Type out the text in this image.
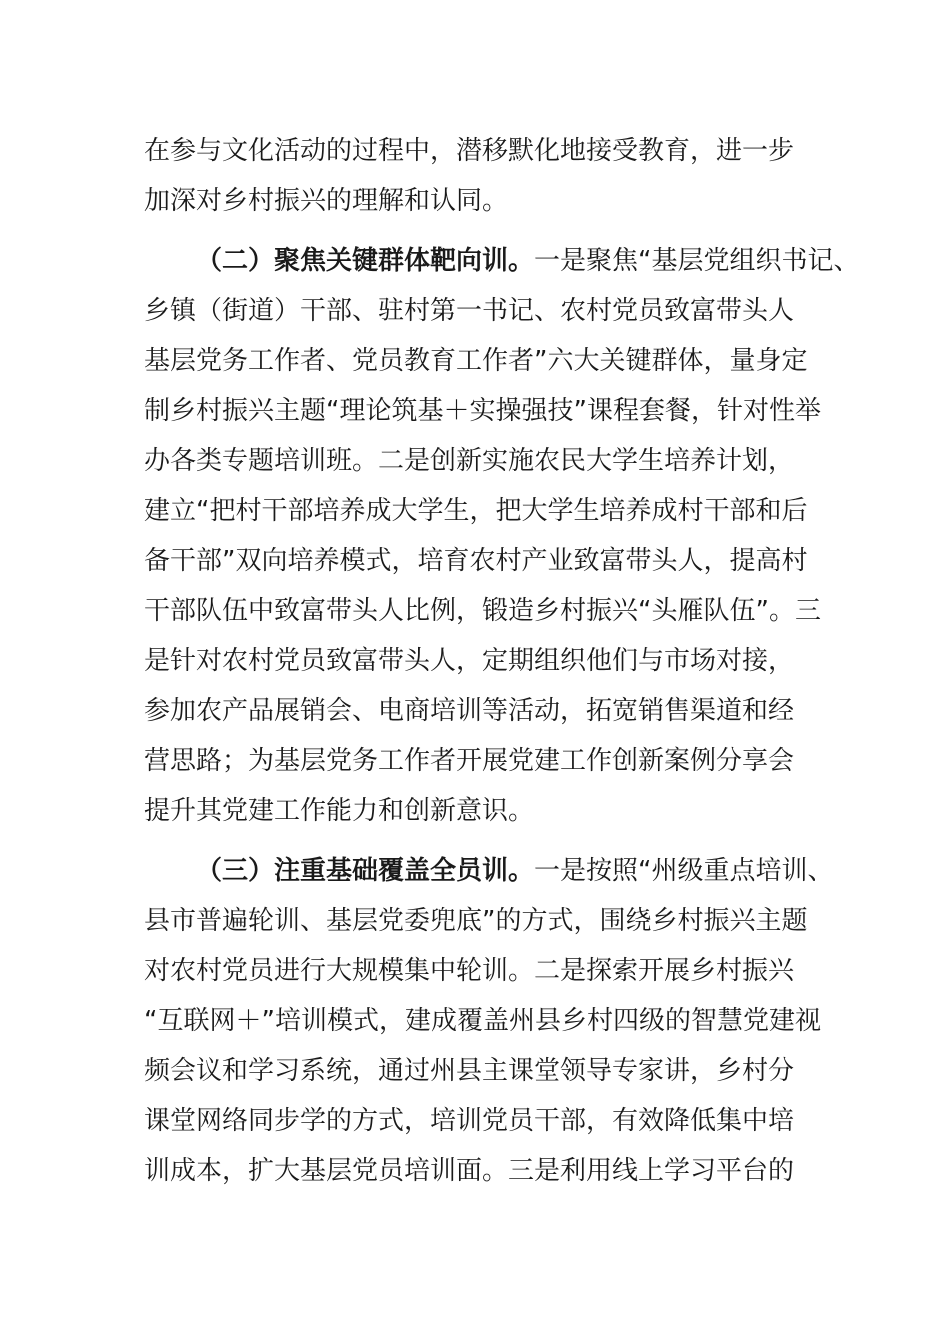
在参与文化活动的过程中，潜移默化地接受教育，进一步
加深对乡村振兴的理解和认同。
（二）聚焦关键群体靶向训。一是聚焦“基层党组织书记、
乡镇（街道）干部、驻村第一书记、农村党员致富带头人
基层党务工作者、党员教育工作者”六大关键群体，量身定
制乡村振兴主题“理论筑基＋实操强技”课程套餐，针对性举
办各类专题培训班。二是创新实施农民大学生培养计划，
建立“把村干部培养成大学生，把大学生培养成村干部和后
备干部”双向培养模式，培育农村产业致富带头人，提高村
干部队伍中致富带头人比例，锻造乡村振兴“头雁队伍”。三
是针对农村党员致富带头人，定期组织他们与市场对接，
参加农产品展销会、电商培训等活动，拓宽销售渠道和经
营思路；为基层党务工作者开展党建工作创新案例分享会
提升其党建工作能力和创新意识。
（三）注重基础覆盖全员训。一是按照“州级重点培训、
县市普遍轮训、基层党委兜底”的方式，围绕乡村振兴主题
对农村党员进行大规模集中轮训。二是探索开展乡村振兴
“互联网＋”培训模式，建成覆盖州县乡村四级的智慧党建视
频会议和学习系统，通过州县主课堂领导专家讲，乡村分
课堂网络同步学的方式，培训党员干部，有效降低集中培
训成本，扩大基层党员培训面。三是利用线上学习平台的
